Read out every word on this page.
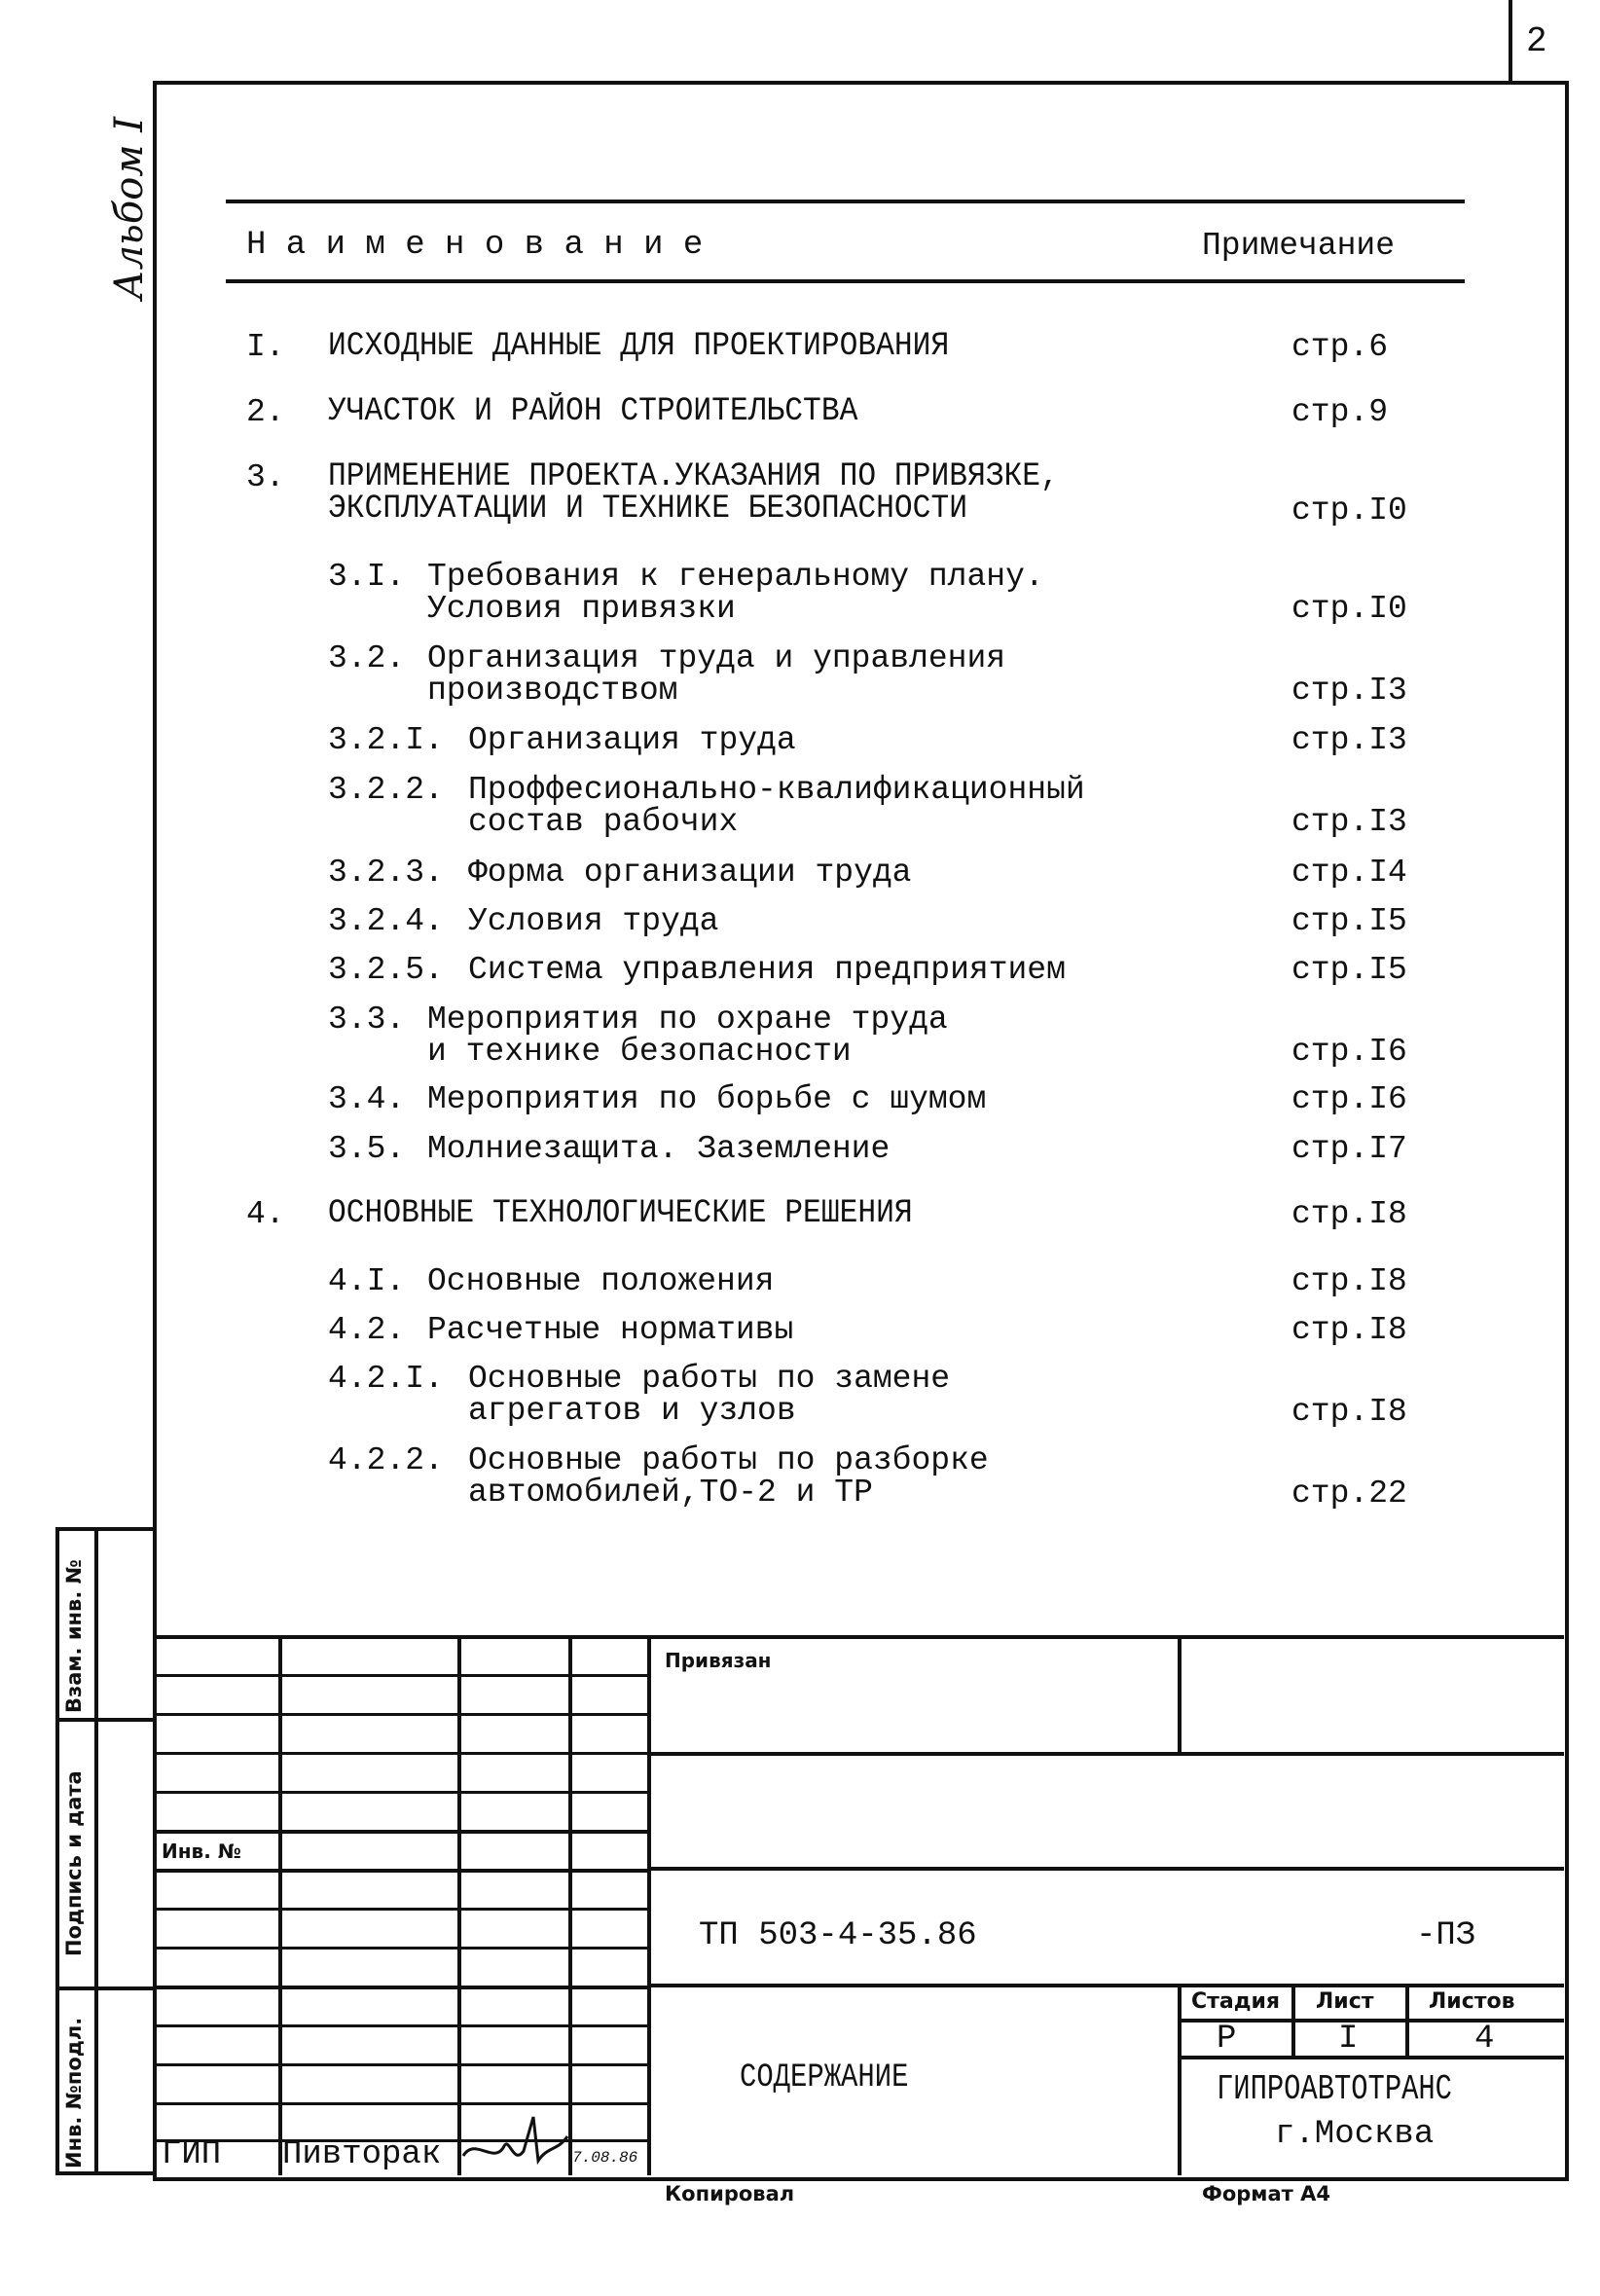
2
Альбом I	Н а и м е н о в а н и е	Примечание
I. ИСХОДНЫЕ ДАННЫЕ ДЛЯ ПРОЕКТИРОВАНИЯ	стр.6
2. УЧАСТОК И РАЙОН СТРОИТЕЛЬСТВА	стр.9
3. ПРИМЕНЕНИЕ ПРОЕКТА.УКАЗАНИЯ ПО ПРИВЯЗКЕ,
ЭКСПЛУАТАЦИИ И ТЕХНИКЕ БЕЗОПАСНОСТИ	стр.I0
3.I. Требования к генеральному плану.
Условия привязки	стр.I0
3.2. Организация труда и управления
производством	стр.I3
3.2.I. Организация труда	стр.I3
3.2.2. Проффесионально-квалификационный
состав рабочих	стр.I3
3.2.3. Форма организации труда	стр.I4
3.2.4. Условия труда	стр.I5
3.2.5. Система управления предприятием	стр.I5
3.3. Мероприятия по охране труда
и технике безопасности	стр.I6
3.4. Мероприятия по борьбе с шумом	стр.I6
3.5. Молниезащита. Заземление	стр.I7
4. ОСНОВНЫЕ ТЕХНОЛОГИЧЕСКИЕ РЕШЕНИЯ	стр.I8
4.I. Основные положения	стр.I8
4.2. Расчетные нормативы	стр.I8
4.2.I. Основные работы по замене
агрегатов и узлов	стр.I8
4.2.2. Основные работы по разборке
автомобилей,ТО-2 и ТР	стр.22
Взам. инв. №
Подпись и дата
Инв. №подл.
Инв. №
ГИП Пивторак	7.08.86
Привязан
ТП 503-4-35.86	-ПЗ
СОДЕРЖАНИЕ
Стадия Лист	Листов
Р	I	4
ГИПРОАВТОТРАНС
г.Москва
Копировал	Формат А4
